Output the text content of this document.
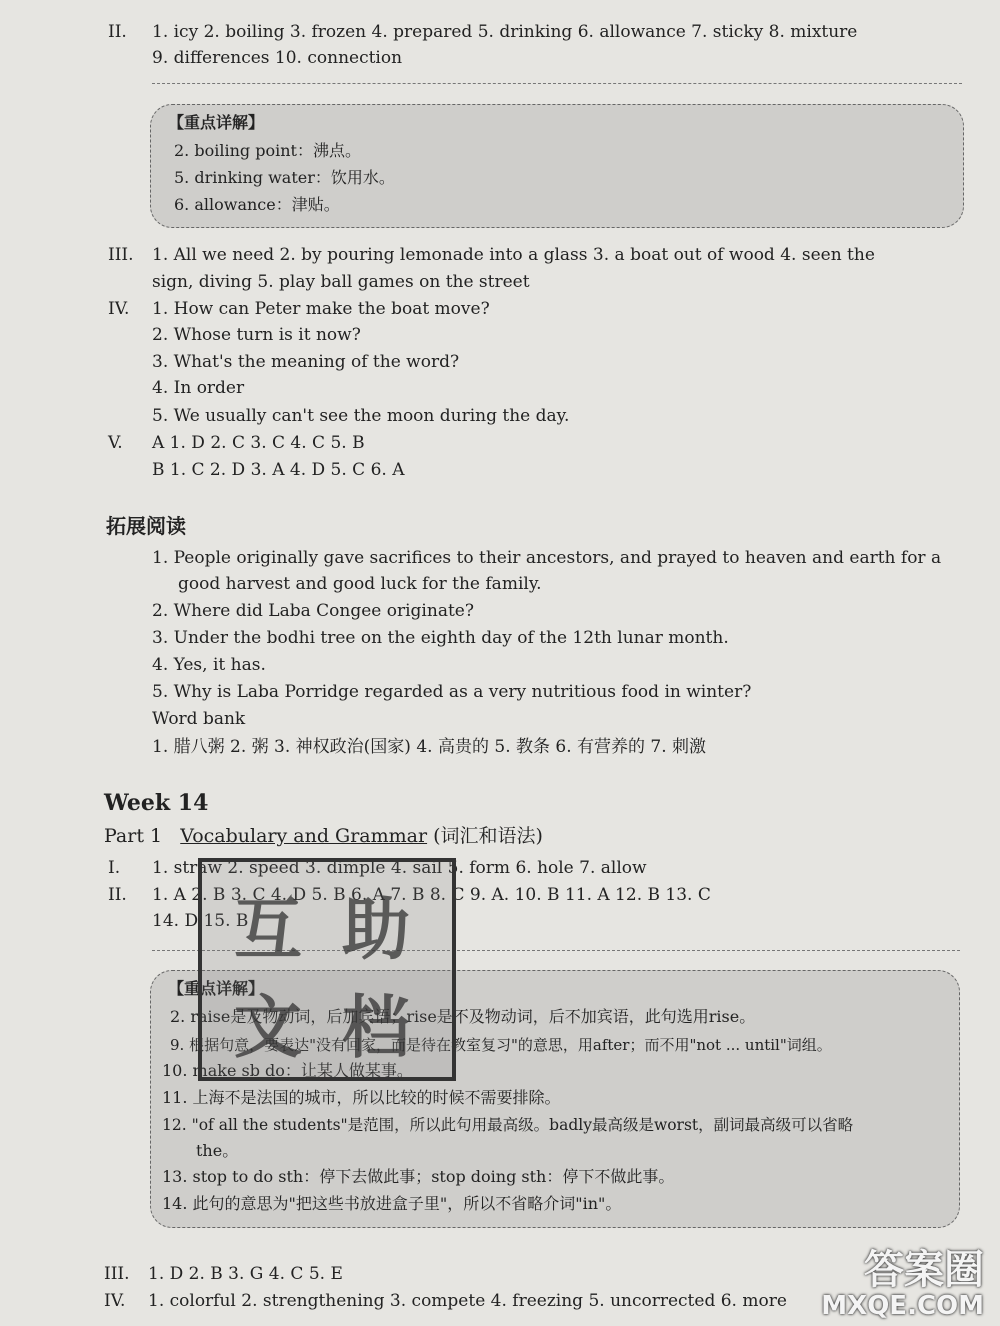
II. 1. icy 2. boiling 3. frozen 4. prepared 5. drinking 6. allowance 7. sticky 8. mixture
9. differences 10. connection
【重点详解】
2. boiling point：沸点。
5. drinking water：饮用水。
6. allowance：津贴。
III. 1. All we need 2. by pouring lemonade into a glass 3. a boat out of wood 4. seen the
sign, diving 5. play ball games on the street
IV. 1. How can Peter make the boat move?
2. Whose turn is it now?
3. What's the meaning of the word?
4. In order
5. We usually can't see the moon during the day.
V. A 1. D 2. C 3. C 4. C 5. B
B 1. C 2. D 3. A 4. D 5. C 6. A
拓展阅读
1. People originally gave sacrifices to their ancestors, and prayed to heaven and earth for a
good harvest and good luck for the family.
2. Where did Laba Congee originate?
3. Under the bodhi tree on the eighth day of the 12th lunar month.
4. Yes, it has.
5. Why is Laba Porridge regarded as a very nutritious food in winter?
Word bank
1. 腊八粥 2. 粥 3. 神权政治(国家) 4. 高贵的 5. 教条 6. 有营养的 7. 刺激
Week 14
Part 1 Vocabulary and Grammar (词汇和语法)
I. 1. straw 2. speed 3. dimple 4. sail 5. form 6. hole 7. allow
II. 1. A 2. B 3. C 4. D 5. B 6. A 7. B 8. C 9. A. 10. B 11. A 12. B 13. C
14. D 15. B
【重点详解】
2. raise是及物动词，后加宾语；rise是不及物动词，后不加宾语，此句选用rise。
9. 根据句意，要表达"没有回家，而是待在教室复习"的意思，用after；而不用"not ... until"词组。
10. make sb do：让某人做某事。
11. 上海不是法国的城市，所以比较的时候不需要排除。
12. "of all the students"是范围，所以此句用最高级。badly最高级是worst，副词最高级可以省略
the。
13. stop to do sth：停下去做此事；stop doing sth：停下不做此事。
14. 此句的意思为"把这些书放进盒子里"，所以不省略介词"in"。
互 助
文 档
III. 1. D 2. B 3. G 4. C 5. E
IV. 1. colorful 2. strengthening 3. compete 4. freezing 5. uncorrected 6. more
答案圈
MXQE.COM
